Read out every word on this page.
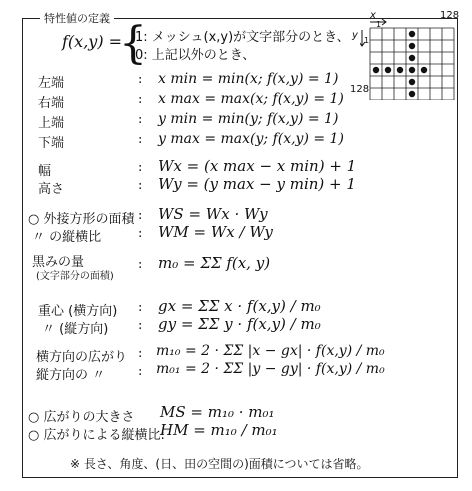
特性値の定義
f(x,y) =
{
1: メッシュ(x,y)が文字部分のとき、
0: 上記以外のとき、
x
y
128
128
1
1
左端	: x min = min(x; f(x,y) = 1)
右端	: x max = max(x; f(x,y) = 1)
上端	: y min = min(y; f(x,y) = 1)
下端	: y max = max(y; f(x,y) = 1)
幅	: Wx = (x max − x min) + 1
高さ	: Wy = (y max − y min) + 1
○ 外接方形の面積 : WS = Wx · Wy
〃 の縦横比	: WM = Wx / Wy
黒みの量
(文字部分の面積)
: m₀ = ΣΣ f(x, y)
重心 (横方向) : gx = ΣΣ x · f(x,y) / m₀
〃 (縦方向) : gy = ΣΣ y · f(x,y) / m₀
横方向の広がり : m₁₀ = 2 · ΣΣ |x − gx| · f(x,y) / m₀
縦方向の 〃	: m₀₁ = 2 · ΣΣ |y − gy| · f(x,y) / m₀
○ 広がりの大きさ MS = m₁₀ · m₀₁
○ 広がりによる縦横比:
HM = m₁₀ / m₀₁
※ 長さ、角度、(日、田の空間の)面積については省略。
